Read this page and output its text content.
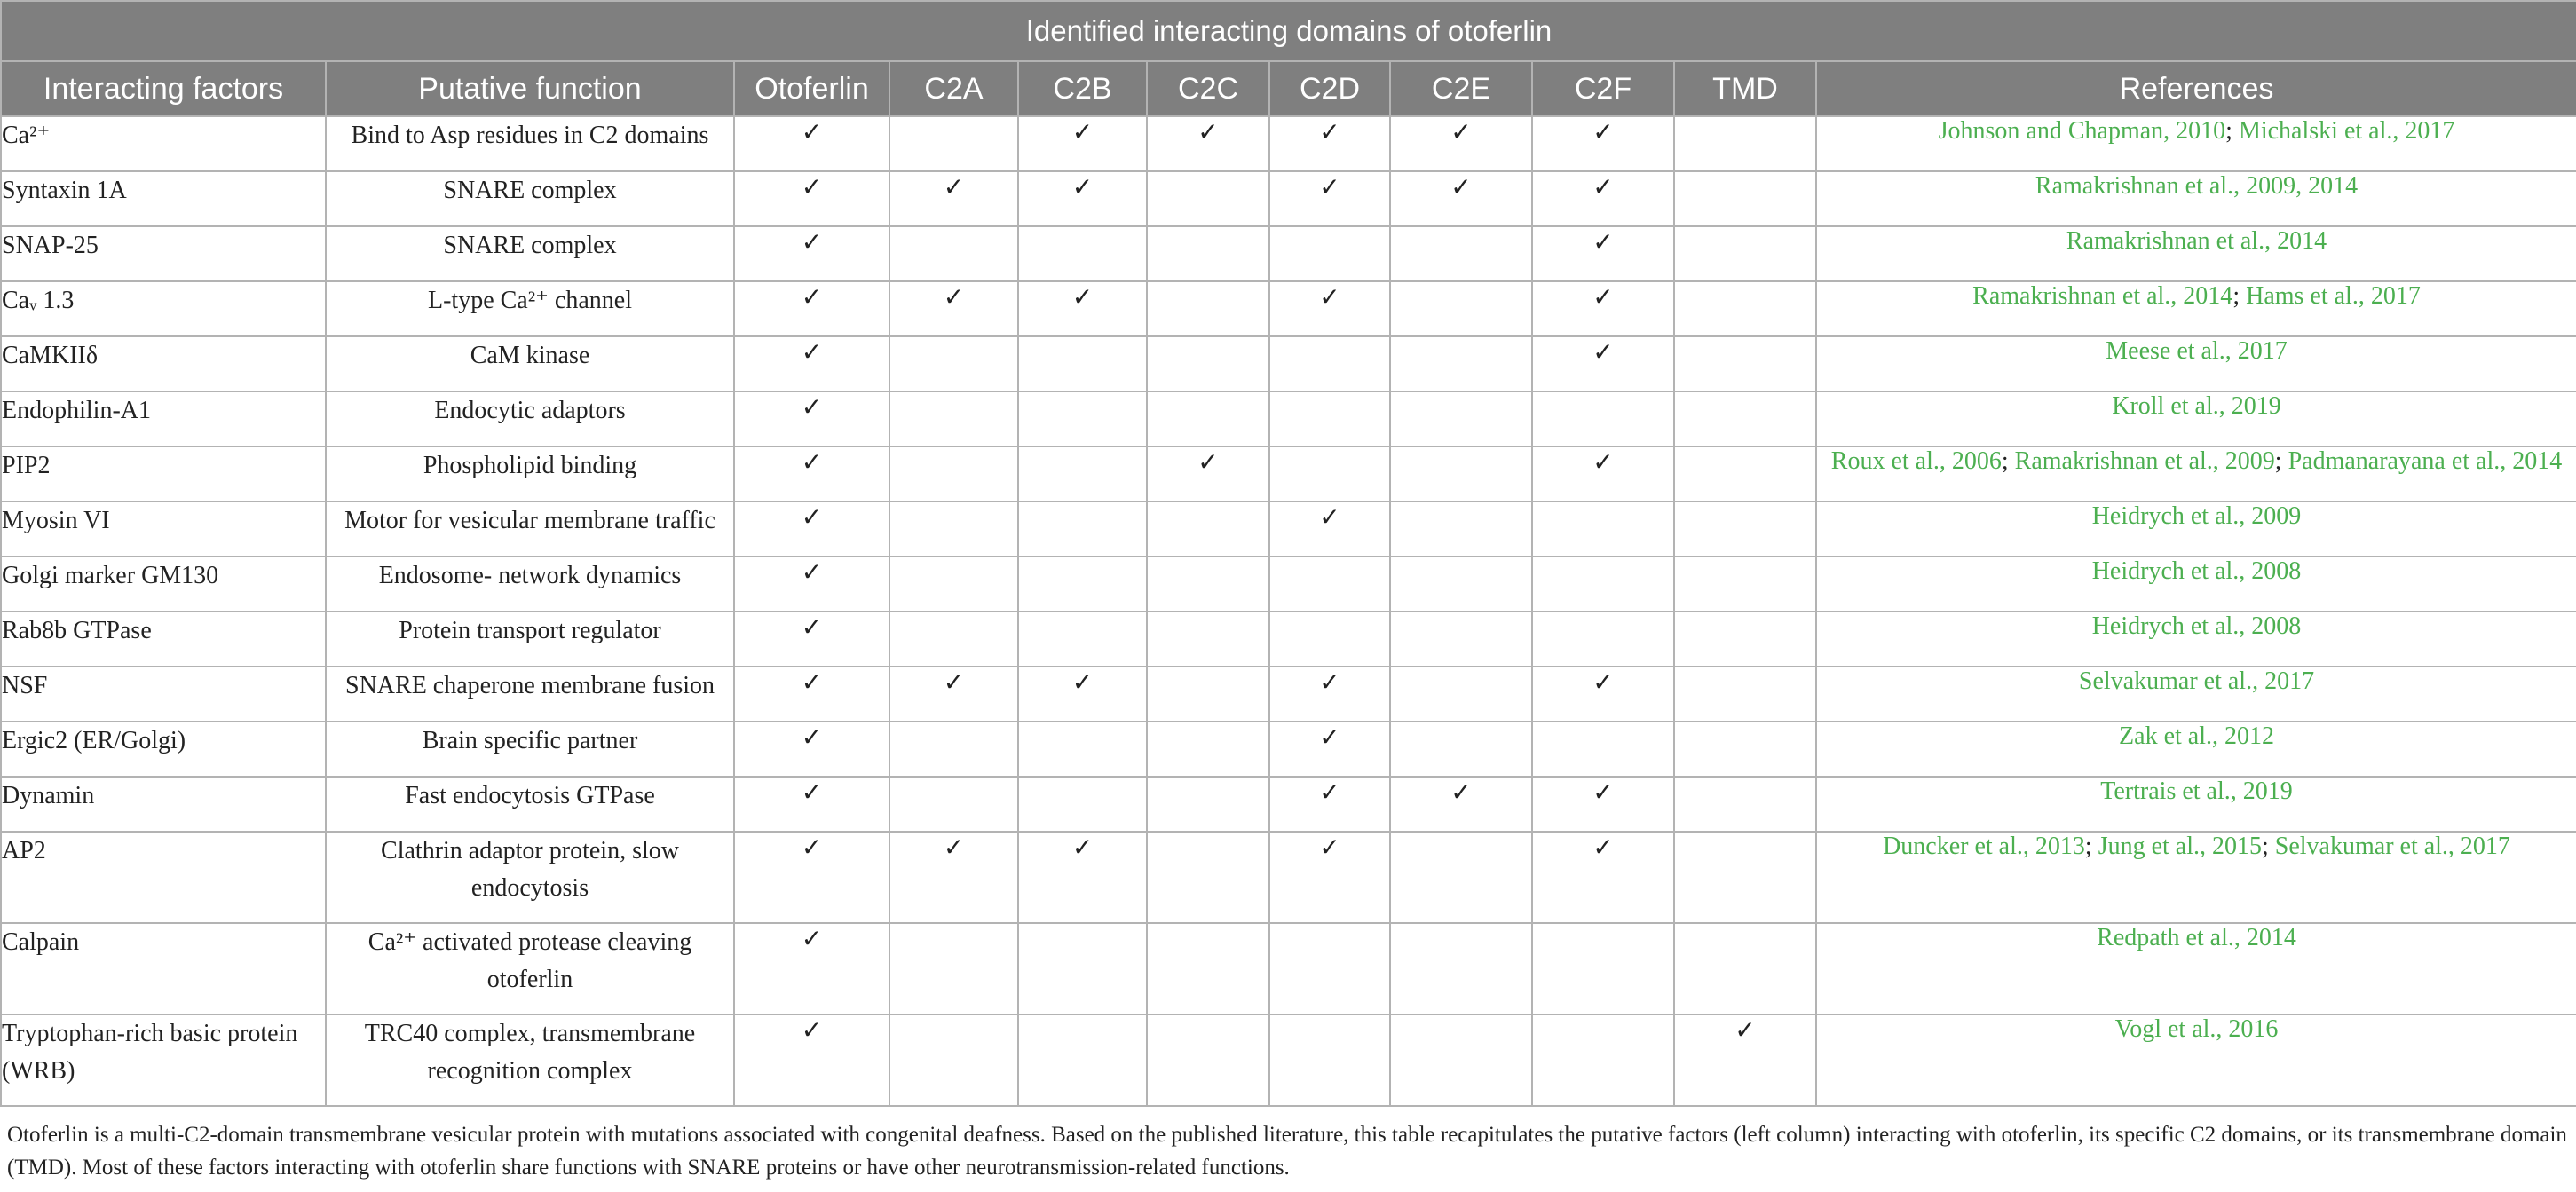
Identified interacting domains of otoferlin										
Interacting factors	Putative function	Otoferlin	C2A	C2B	C2C	C2D	C2E	C2F	TMD	References
Ca²⁺	Bind to Asp residues in C2 domains	✓		✓	✓	✓	✓	✓		Johnson and Chapman, 2010; Michalski et al., 2017
Syntaxin 1A	SNARE complex	✓	✓	✓		✓	✓	✓		Ramakrishnan et al., 2009, 2014
SNAP-25	SNARE complex	✓						✓		Ramakrishnan et al., 2014
Caᵥ 1.3	L-type Ca²⁺ channel	✓	✓	✓		✓		✓		Ramakrishnan et al., 2014; Hams et al., 2017
CaMKIIδ	CaM kinase	✓						✓		Meese et al., 2017
Endophilin-A1	Endocytic adaptors	✓								Kroll et al., 2019
PIP2	Phospholipid binding	✓			✓			✓		Roux et al., 2006; Ramakrishnan et al., 2009; Padmanarayana et al., 2014
Myosin VI	Motor for vesicular membrane traffic	✓				✓				Heidrych et al., 2009
Golgi marker GM130	Endosome- network dynamics	✓								Heidrych et al., 2008
Rab8b GTPase	Protein transport regulator	✓								Heidrych et al., 2008
NSF	SNARE chaperone membrane fusion	✓	✓	✓		✓		✓		Selvakumar et al., 2017
Ergic2 (ER/Golgi)	Brain specific partner	✓				✓				Zak et al., 2012
Dynamin	Fast endocytosis GTPase	✓				✓	✓	✓		Tertrais et al., 2019
AP2	Clathrin adaptor protein, slow endocytosis	✓	✓	✓		✓		✓		Duncker et al., 2013; Jung et al., 2015; Selvakumar et al., 2017
Calpain	Ca²⁺ activated protease cleaving otoferlin	✓								Redpath et al., 2014
Tryptophan-rich basic protein (WRB)	TRC40 complex, transmembrane recognition complex	✓							✓	Vogl et al., 2016
Otoferlin is a multi-C2-domain transmembrane vesicular protein with mutations associated with congenital deafness. Based on the published literature, this table recapitulates the putative factors (left column) interacting with otoferlin, its specific C2 domains, or its transmembrane domain (TMD). Most of these factors interacting with otoferlin share functions with SNARE proteins or have other neurotransmission-related functions.
